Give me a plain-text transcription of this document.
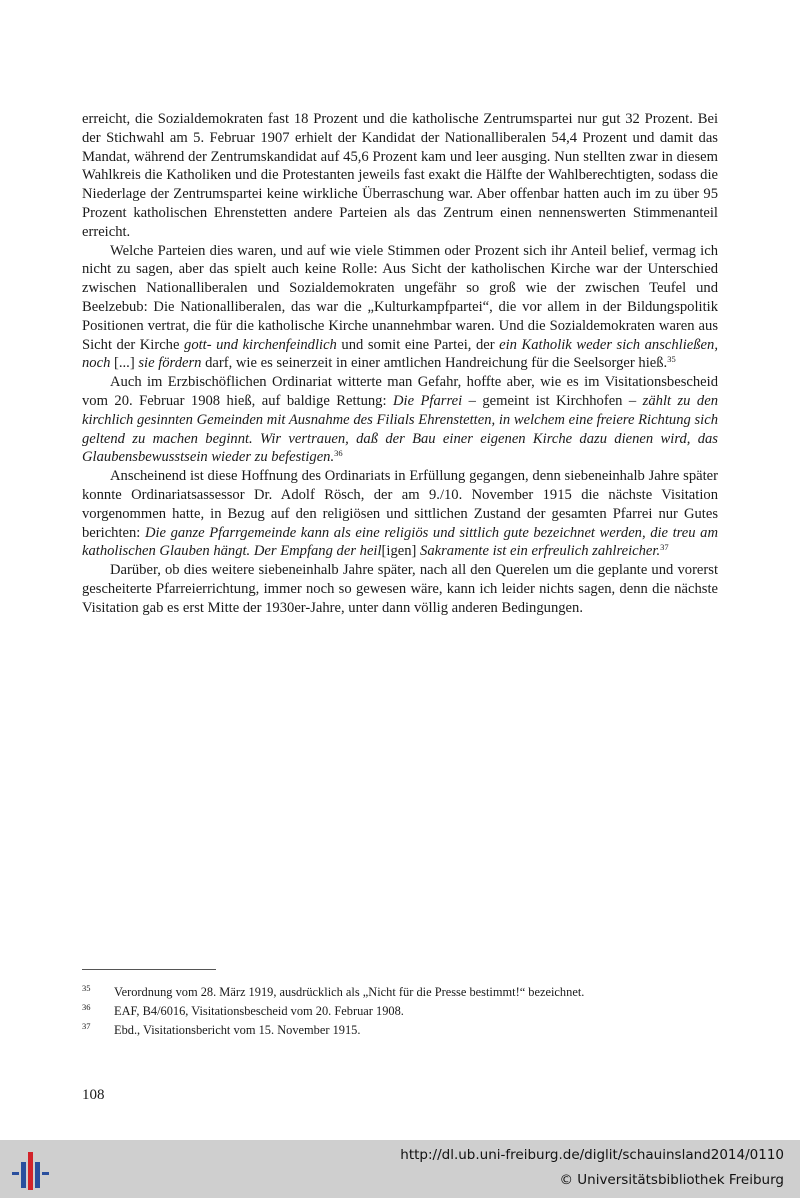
erreicht, die Sozialdemokraten fast 18 Prozent und die katholische Zentrumspartei nur gut 32 Prozent. Bei der Stichwahl am 5. Februar 1907 erhielt der Kandidat der Nationalliberalen 54,4 Prozent und damit das Mandat, während der Zentrumskandidat auf 45,6 Prozent kam und leer ausging. Nun stellten zwar in diesem Wahlkreis die Katholiken und die Protestanten jeweils fast exakt die Hälfte der Wahlberechtigten, sodass die Niederlage der Zentrumspartei keine wirkliche Überraschung war. Aber offenbar hatten auch im zu über 95 Prozent katholischen Ehrenstetten andere Parteien als das Zentrum einen nennenswerten Stimmenanteil erreicht.

Welche Parteien dies waren, und auf wie viele Stimmen oder Prozent sich ihr Anteil belief, vermag ich nicht zu sagen, aber das spielt auch keine Rolle: Aus Sicht der katholischen Kirche war der Unterschied zwischen Nationalliberalen und Sozialdemokraten ungefähr so groß wie der zwischen Teufel und Beelzebub: Die Nationalliberalen, das war die „Kulturkampfpartei“, die vor allem in der Bildungspolitik Positionen vertrat, die für die katholische Kirche unannehmbar waren. Und die Sozialdemokraten waren aus Sicht der Kirche gott- und kirchenfeindlich und somit eine Partei, der ein Katholik weder sich anschließen, noch [...] sie fördern darf, wie es seinerzeit in einer amtlichen Handreichung für die Seelsorger hieß.$^{35}$

Auch im Erzbischöflichen Ordinariat witterte man Gefahr, hoffte aber, wie es im Visitationsbescheid vom 20. Februar 1908 hieß, auf baldige Rettung: Die Pfarrei – gemeint ist Kirchhofen – zählt zu den kirchlich gesinnten Gemeinden mit Ausnahme des Filials Ehrenstetten, in welchem eine freiere Richtung sich geltend zu machen beginnt. Wir vertrauen, daß der Bau einer eigenen Kirche dazu dienen wird, das Glaubensbewusstsein wieder zu befestigen.$^{36}$

Anscheinend ist diese Hoffnung des Ordinariats in Erfüllung gegangen, denn siebeneinhalb Jahre später konnte Ordinariatsassessor Dr. Adolf Rösch, der am 9./10. November 1915 die nächste Visitation vorgenommen hatte, in Bezug auf den religiösen und sittlichen Zustand der gesamten Pfarrei nur Gutes berichten: Die ganze Pfarrgemeinde kann als eine religiös und sittlich gute bezeichnet werden, die treu am katholischen Glauben hängt. Der Empfang der heil[igen] Sakramente ist ein erfreulich zahlreicher.$^{37}$

Darüber, ob dies weitere siebeneinhalb Jahre später, nach all den Querelen um die geplante und vorerst gescheiterte Pfarreierrichtung, immer noch so gewesen wäre, kann ich leider nichts sagen, denn die nächste Visitation gab es erst Mitte der 1930er-Jahre, unter dann völlig anderen Bedingungen.

35	Verordnung vom 28. März 1919, ausdrücklich als „Nicht für die Presse bestimmt!“ bezeichnet.
36	EAF, B4/6016, Visitationsbescheid vom 20. Februar 1908.
37	Ebd., Visitationsbericht vom 15. November 1915.
108
http://dl.ub.uni-freiburg.de/diglit/schauinsland2014/0110
© Universitätsbibliothek Freiburg
